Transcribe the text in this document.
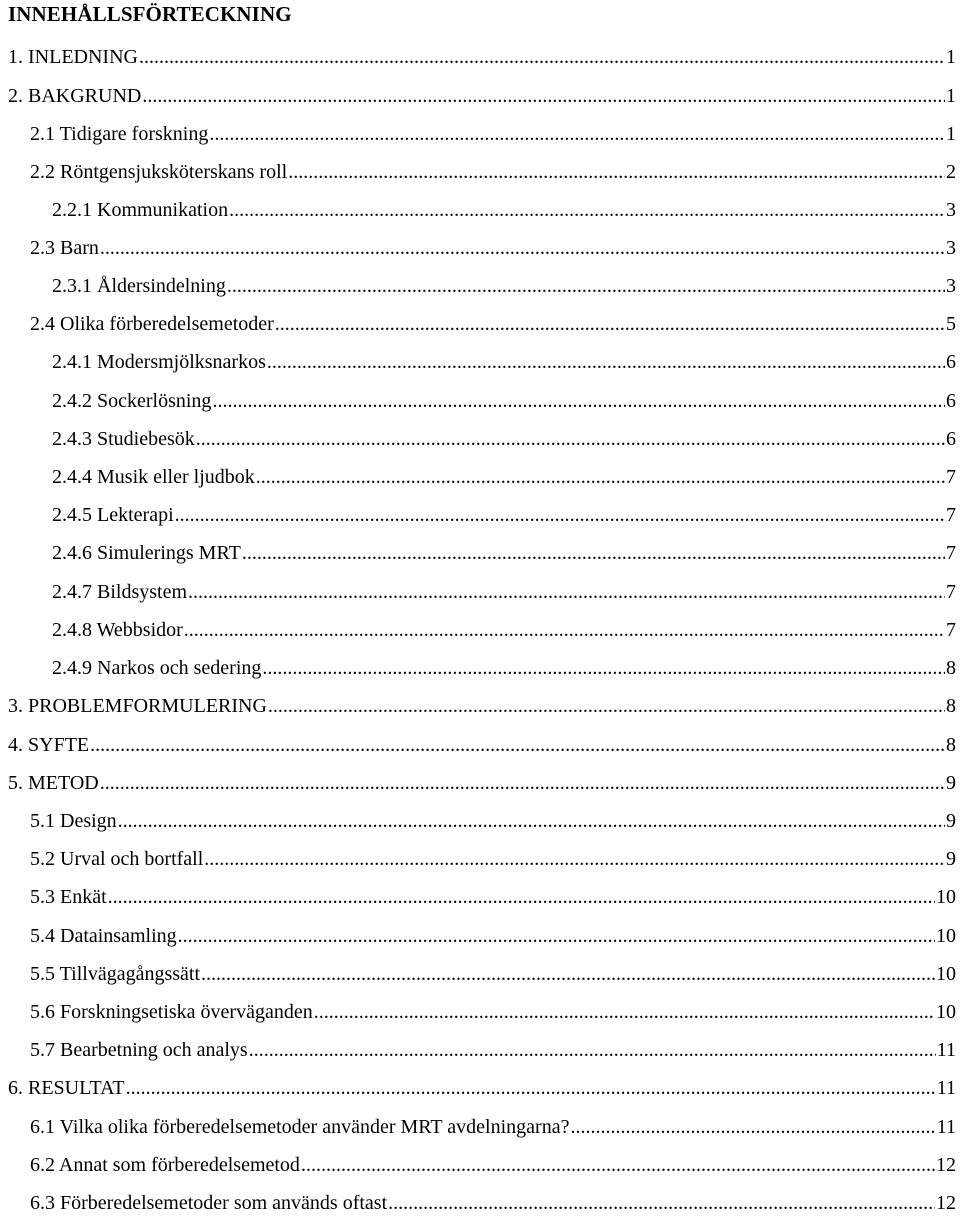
INNEHÅLLSFÖRTECKNING
1. INLEDNING .....	1
2. BAKGRUND .....	1
2.1 Tidigare forskning .....	1
2.2 Röntgensjuksköterskans roll .....	2
2.2.1 Kommunikation .....	3
2.3 Barn .....	3
2.3.1 Åldersindelning .....	3
2.4 Olika förberedelsemetoder .....	5
2.4.1 Modersmjölksnarkos .....	6
2.4.2 Sockerlösning .....	6
2.4.3 Studiebesök .....	6
2.4.4 Musik eller ljudbok .....	7
2.4.5 Lekterapi .....	7
2.4.6 Simulerings MRT .....	7
2.4.7 Bildsystem .....	7
2.4.8 Webbsidor .....	7
2.4.9 Narkos och sedering .....	8
3. PROBLEMFORMULERING .....	8
4. SYFTE .....	8
5. METOD .....	9
5.1 Design .....	9
5.2 Urval och bortfall .....	9
5.3 Enkät .....	10
5.4 Datainsamling .....	10
5.5 Tillvägagångssätt .....	10
5.6 Forskningsetiska överväganden .....	10
5.7 Bearbetning och analys .....	11
6. RESULTAT .....	11
6.1 Vilka olika förberedelsemetoder använder MRT avdelningarna? .....	11
6.2 Annat som förberedelsemetod .....	12
6.3 Förberedelsemetoder som används oftast .....	12
